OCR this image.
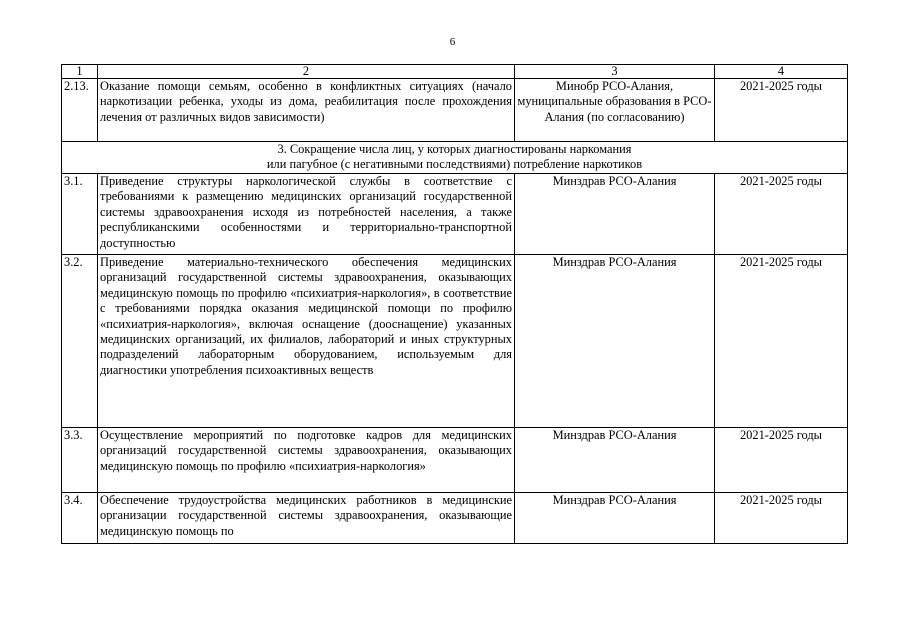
6
1	2	3	4
2.13.	Оказание помощи семьям, особенно в конфликтных ситуациях (начало наркотизации ребенка, уходы из дома, реабилитация после прохождения лечения от различных видов зависимости)	Минобр РСО-Алания, муниципальные образования в РСО-Алания (по согласованию)	2021-2025 годы
3. Сокращение числа лиц, у которых диагностированы наркомания
или пагубное (с негативными последствиями) потребление наркотиков			
3.1.	Приведение структуры наркологической службы в соответствие с требованиями к размещению медицинских организаций государственной системы здравоохранения исходя из потребностей населения, а также республиканскими особенностями и территориально-транспортной доступностью	Минздрав РСО-Алания	2021-2025 годы
3.2.	Приведение материально-технического обеспечения медицинских организаций государственной системы здравоохранения, оказывающих медицинскую помощь по профилю «психиатрия-наркология», в соответствие с требованиями порядка оказания медицинской помощи по профилю «психиатрия-наркология», включая оснащение (дооснащение) указанных медицинских организаций, их филиалов, лабораторий и иных структурных подразделений лабораторным оборудованием, используемым для диагностики употребления психоактивных веществ	Минздрав РСО-Алания	2021-2025 годы
3.3.	Осуществление мероприятий по подготовке кадров для медицинских организаций государственной системы здравоохранения, оказывающих медицинскую помощь по профилю «психиатрия-наркология»	Минздрав РСО-Алания	2021-2025 годы
3.4.	Обеспечение трудоустройства медицинских работников в медицинские организации государственной системы здравоохранения, оказывающие медицинскую помощь по	Минздрав РСО-Алания	2021-2025 годы
